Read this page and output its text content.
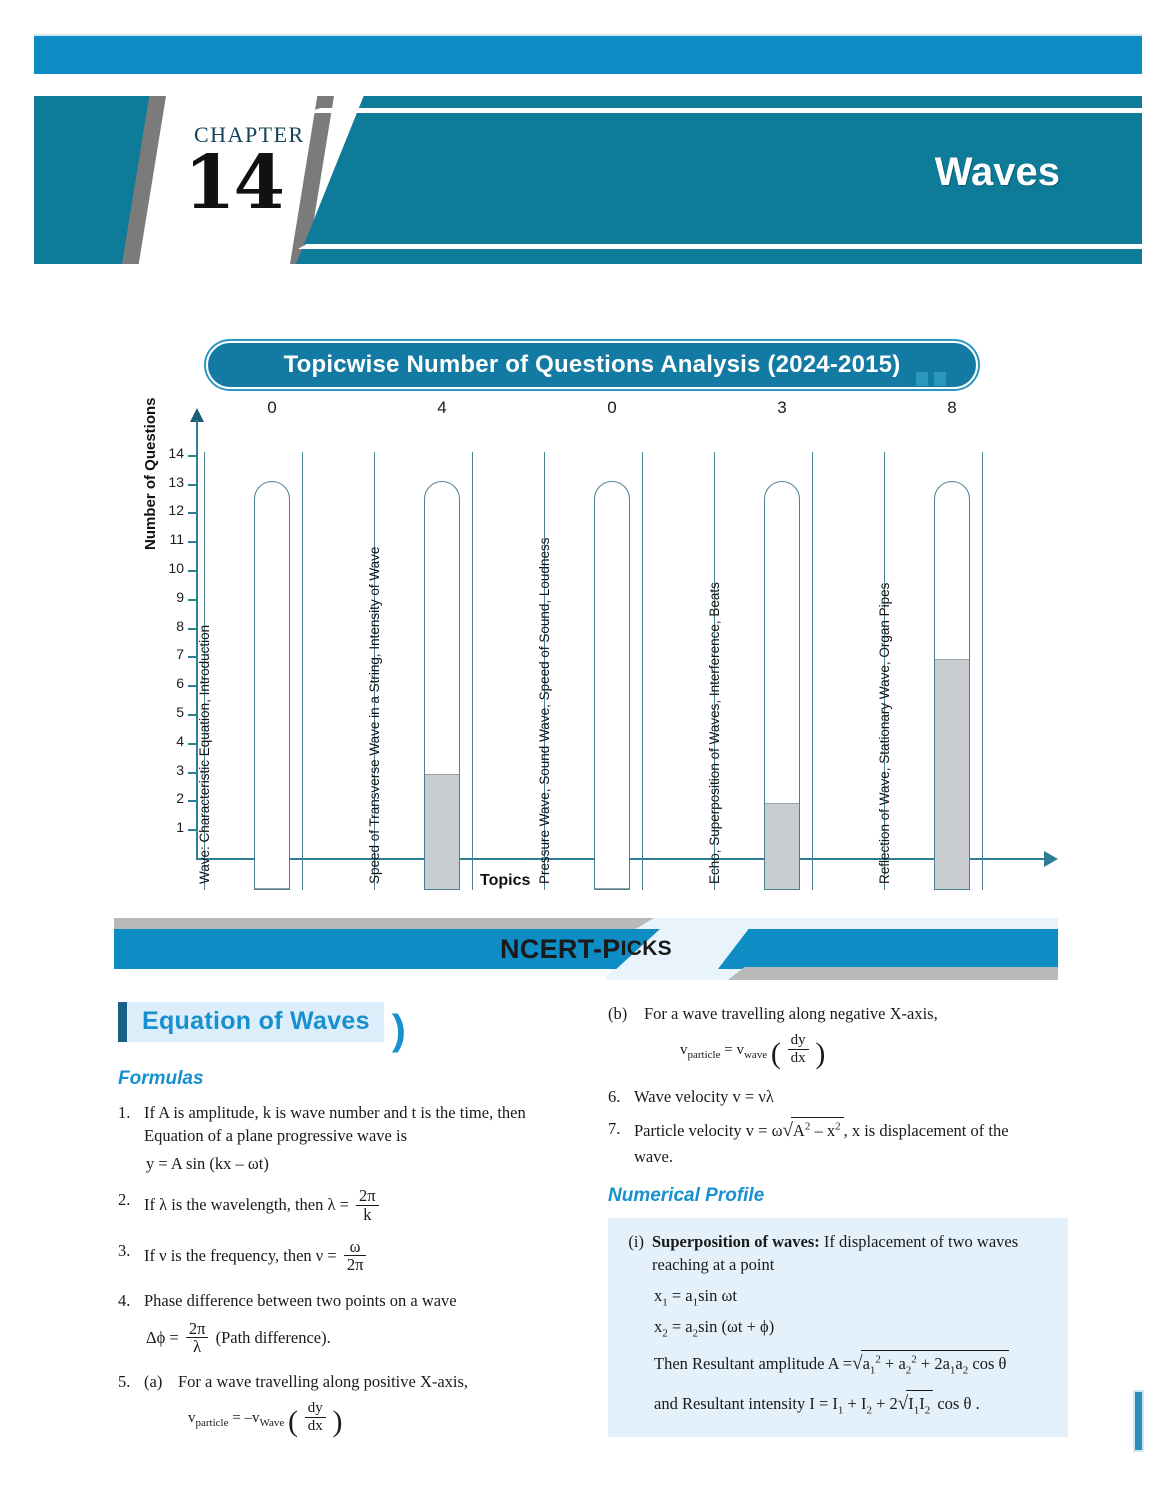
CHAPTER
14	Waves
Topicwise Number of Questions Analysis (2024-2015)
Number of Questions 14
13
12
11
10
9
8
7
6
5
4
3
2
1 Wave: Characteristic Equation, Introduction
0
Speed of Transverse Wave in a String, Intensity of Wave
4
Pressure Wave, Sound Wave, Speed of Sound, Loudness
0
Echo, Superposition of Waves, Interference, Beats
3
Reflection of Wave, Stationary Wave, Organ Pipes
8
Topics
NCERT-P ICKS
Equation of Waves )
Formulas
1. If A is amplitude, k is wave number and t is the time, then
Equation of a plane progressive wave is
y = A sin (kx – ωt)
2. If λ is the wavelength, then $\lambda = \frac{2\pi}{k}$
3. If ν is the frequency, then $\nu = \frac{\omega}{2\pi}$
4. Phase difference between two points on a wave
$\Delta\phi = \frac{2\pi}{\lambda}$ (Path difference).
5. (a) For a wave travelling along positive X-axis,
$v_{particle} = -v_{Wave}$ ( $\frac{dy}{dx}$ )
(b)	For a wave travelling along negative X-axis,
$v_{particle} = v_{wave}$ ( $\frac{dy}{dx}$ )
6. Wave velocity v = νλ
7. Particle velocity $v = \omega√A^2 - x^2$ , x is displacement of the
wave.
Numerical Profile
(i) Superposition of waves: If displacement of two waves
reaching at a point
$x_1 = a_1\sin$ ωt
$x_2 = a_2\sin$ (ωt + ϕ)
Then Resultant amplitude $A =√a_1^2 + a_2^2 + 2a_1a_2$ cos θ
and Resultant intensity $I = I_1 + I_2 + 2√I_1I_2$ cos θ .
